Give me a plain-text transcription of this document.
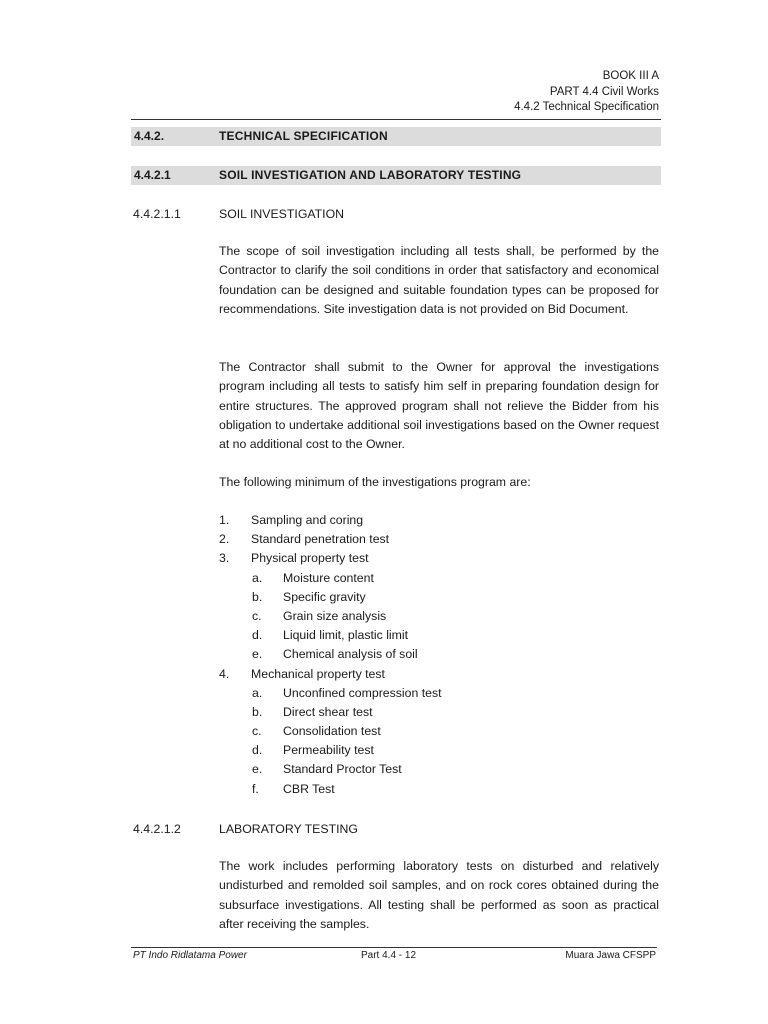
BOOK III A
PART 4.4 Civil Works
4.4.2 Technical Specification
4.4.2.	TECHNICAL SPECIFICATION
4.4.2.1	SOIL INVESTIGATION AND LABORATORY TESTING
4.4.2.1.1	SOIL INVESTIGATION
The scope of soil investigation including all tests shall, be performed by the Contractor to clarify the soil conditions in order that satisfactory and economical foundation can be designed and suitable foundation types can be proposed for recommendations. Site investigation data is not provided on Bid Document.
The Contractor shall submit to the Owner for approval the investigations program including all tests to satisfy him self in preparing foundation design for entire structures. The approved program shall not relieve the Bidder from his obligation to undertake additional soil investigations based on the Owner request at no additional cost to the Owner.
The following minimum of the investigations program are:
1. Sampling and coring
2. Standard penetration test
3. Physical property test
a. Moisture content
b. Specific gravity
c. Grain size analysis
d. Liquid limit, plastic limit
e. Chemical analysis of soil
4. Mechanical property test
a. Unconfined compression test
b. Direct shear test
c. Consolidation test
d. Permeability test
e. Standard Proctor Test
f. CBR Test
4.4.2.1.2	LABORATORY TESTING
The work includes performing laboratory tests on disturbed and relatively undisturbed and remolded soil samples, and on rock cores obtained during the subsurface investigations. All testing shall be performed as soon as practical after receiving the samples.
PT Indo Ridlatama Power	Part 4.4 - 12	Muara Jawa CFSPP
